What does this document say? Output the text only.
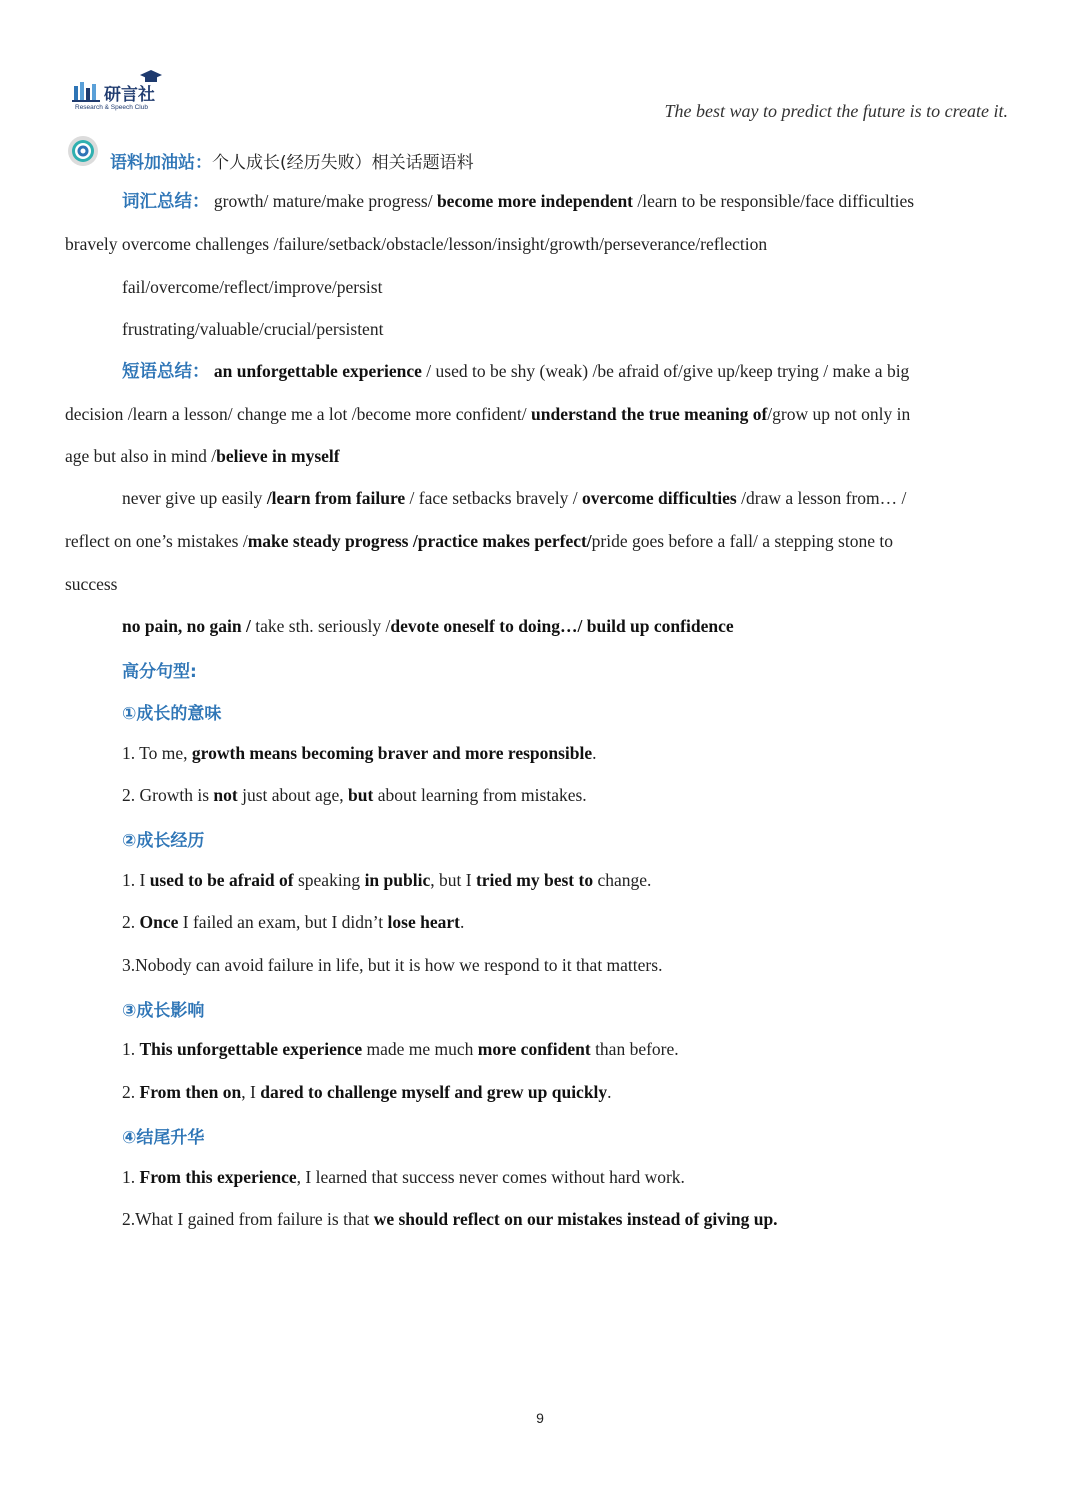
研言社
Research & Speech Club	The best way to predict the future is to create it.
语料加油站：个人成长(经历失败）相关话题语料
词汇总结： growth/ mature/make progress/ become more independent /learn to be responsible/face difficulties
bravely overcome challenges /failure/setback/obstacle/lesson/insight/growth/perseverance/reflection
fail/overcome/reflect/improve/persist
frustrating/valuable/crucial/persistent
短语总结： an unforgettable experience / used to be shy (weak) /be afraid of/give up/keep trying / make a big
decision /learn a lesson/ change me a lot /become more confident/ understand the true meaning of/grow up not only in
age but also in mind /believe in myself
never give up easily /learn from failure / face setbacks bravely / overcome difficulties /draw a lesson from… /
reflect on one’s mistakes /make steady progress /practice makes perfect/pride goes before a fall/ a stepping stone to
success
no pain, no gain / take sth. seriously /devote oneself to doing…/ build up confidence
高分句型:
①成长的意味
1. To me, growth means becoming braver and more responsible.
2. Growth is not just about age, but about learning from mistakes.
②成长经历
1. I used to be afraid of speaking in public, but I tried my best to change.
2. Once I failed an exam, but I didn’t lose heart.
3.Nobody can avoid failure in life, but it is how we respond to it that matters.
③成长影响
1. This unforgettable experience made me much more confident than before.
2. From then on, I dared to challenge myself and grew up quickly.
④结尾升华
1. From this experience, I learned that success never comes without hard work.
2.What I gained from failure is that we should reflect on our mistakes instead of giving up.
9
